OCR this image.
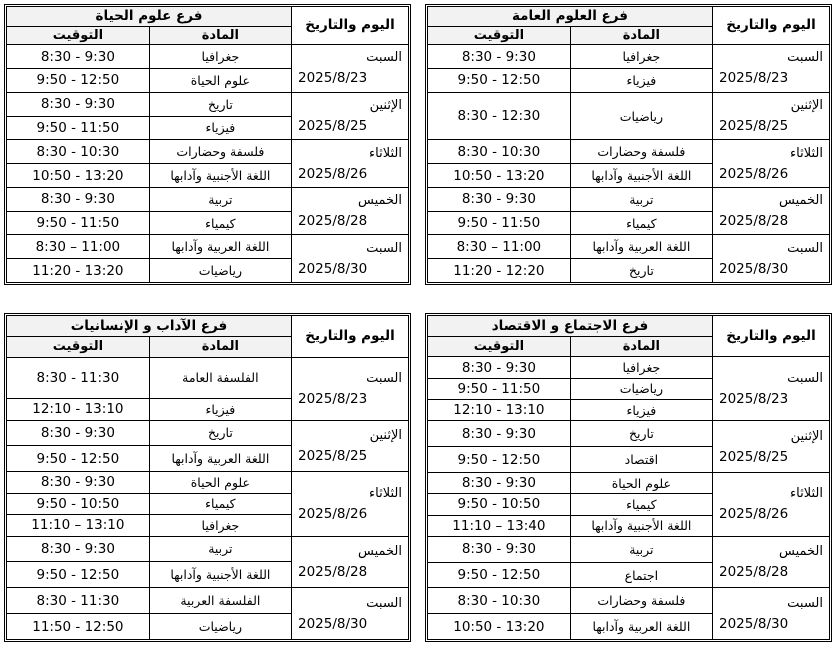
اليوم والتاريخ	فرع العلوم العامة	
	المادة	التوقيت

السبت
2025/8/23	جغرافيا	8:30 - 9:30
	فيزياء	9:50 - 12:50

الإثنين
2025/8/25	رياضيات	8:30 - 12:30

الثلاثاء
2025/8/26	فلسفة وحضارات	8:30 - 10:30
	اللغة الأجنبية وآدابها	10:50 - 13:20

الخميس
2025/8/28	تربية	8:30 - 9:30
	كيمياء	9:50 - 11:50

السبت
2025/8/30	اللغة العربية وآدابها	8:30 – 11:00
	تاريخ	11:20 - 12:20
اليوم والتاريخ	فرع علوم الحياة	
	المادة	التوقيت

السبت
2025/8/23	جغرافيا	8:30 - 9:30
	علوم الحياة	9:50 - 12:50

الإثنين
2025/8/25	تاريخ	8:30 - 9:30
	فيزياء	9:50 - 11:50

الثلاثاء
2025/8/26	فلسفة وحضارات	8:30 - 10:30
	اللغة الأجنبية وآدابها	10:50 - 13:20

الخميس
2025/8/28	تربية	8:30 - 9:30
	كيمياء	9:50 - 11:50

السبت
2025/8/30	اللغة العربية وآدابها	8:30 – 11:00
	رياضيات	11:20 - 13:20
اليوم والتاريخ	فرع الاجتماع و الاقتصاد	
	المادة	التوقيت

السبت
2025/8/23	جغرافيا	8:30 - 9:30
	رياضيات	9:50 - 11:50
	فيزياء	12:10 - 13:10

الإثنين
2025/8/25	تاريخ	8:30 - 9:30
	اقتصاد	9:50 - 12:50

الثلاثاء
2025/8/26	علوم الحياة	8:30 - 9:30
	كيمياء	9:50 - 10:50
	اللغة الأجنبية وآدابها	11:10 – 13:40

الخميس
2025/8/28	تربية	8:30 - 9:30
	اجتماع	9:50 - 12:50

السبت
2025/8/30	فلسفة وحضارات	8:30 - 10:30
	اللغة العربية وآدابها	10:50 - 13:20
اليوم والتاريخ	فرع الآداب و الإنسانيات	
	المادة	التوقيت

السبت
2025/8/23	الفلسفة العامة	8:30 - 11:30
	فيزياء	12:10 - 13:10

الإثنين
2025/8/25	تاريخ	8:30 - 9:30
	اللغة العربية وآدابها	9:50 - 12:50

الثلاثاء
2025/8/26	علوم الحياة	8:30 - 9:30
	كيمياء	9:50 - 10:50
	جغرافيا	11:10 – 13:10

الخميس
2025/8/28	تربية	8:30 - 9:30
	اللغة الأجنبية وآدابها	9:50 - 12:50

السبت
2025/8/30	الفلسفة العربية	8:30 - 11:30
	رياضيات	11:50 - 12:50
